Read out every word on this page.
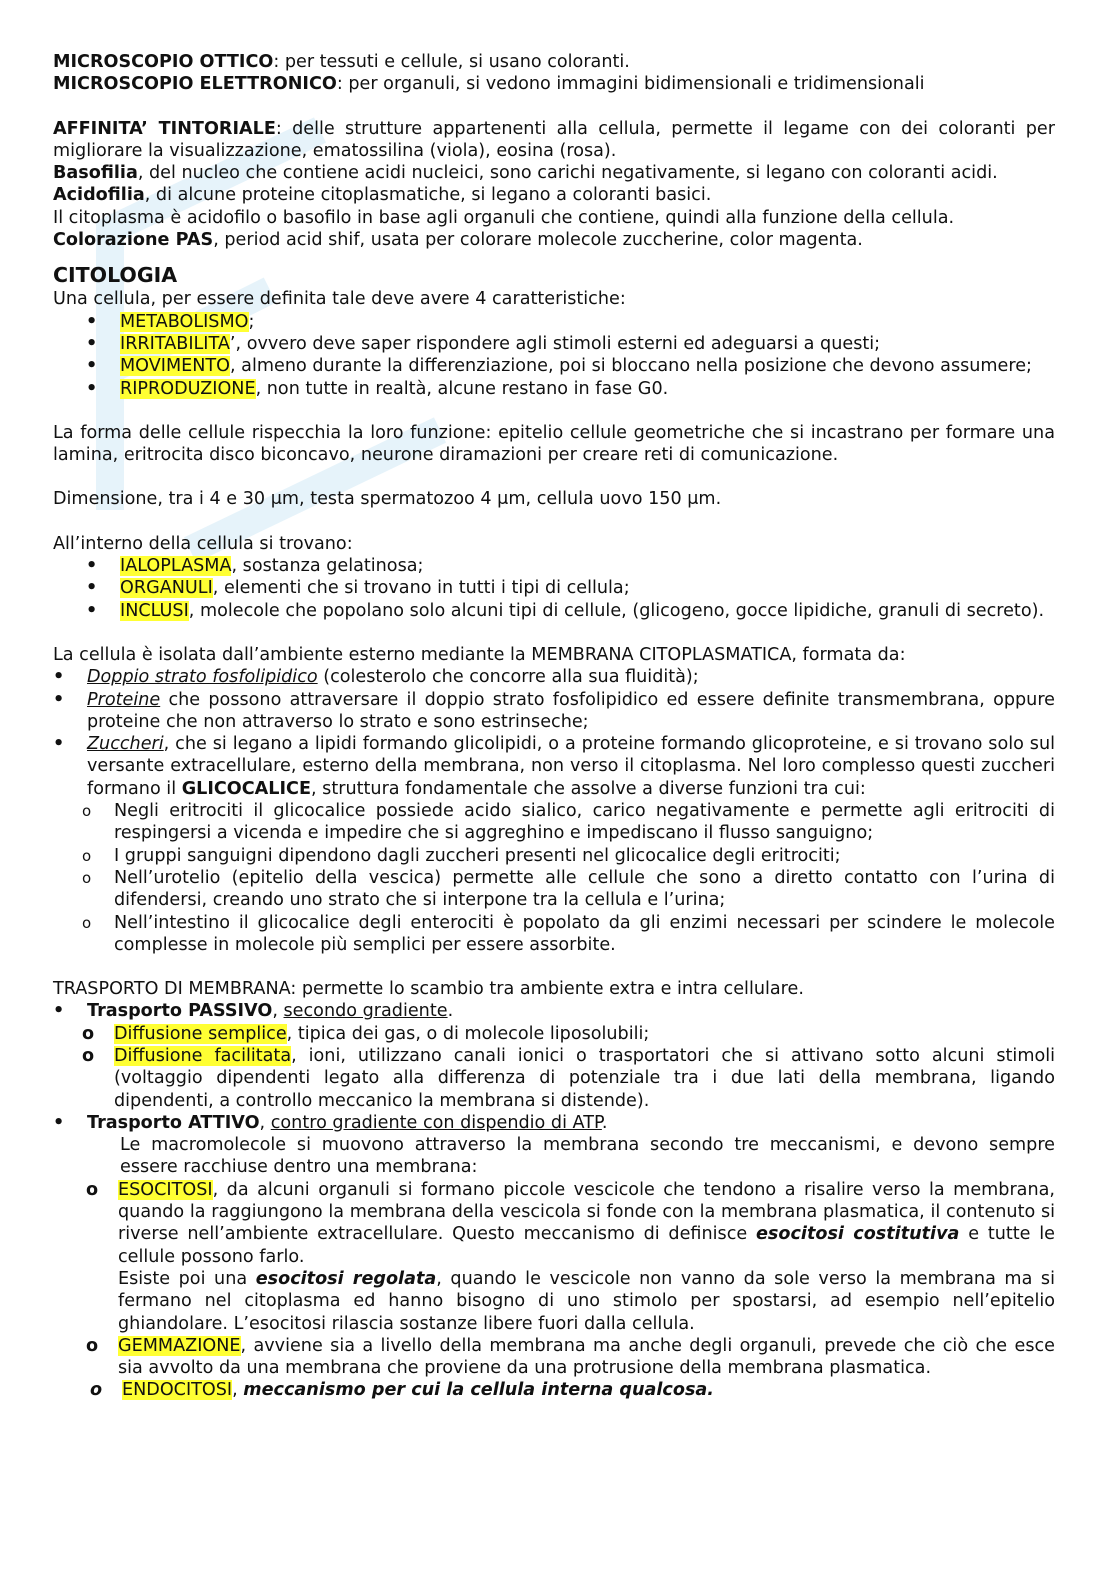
MICROSCOPIO OTTICO: per tessuti e cellule, si usano coloranti.
MICROSCOPIO ELETTRONICO: per organuli, si vedono immagini bidimensionali e tridimensionali

AFFINITA’ TINTORIALE: delle strutture appartenenti alla cellula, permette il legame con dei coloranti per migliorare la visualizzazione, ematossilina (viola), eosina (rosa).
Basofilia, del nucleo che contiene acidi nucleici, sono carichi negativamente, si legano con coloranti acidi.
Acidofilia, di alcune proteine citoplasmatiche, si legano a coloranti basici.
Il citoplasma è acidofilo o basofilo in base agli organuli che contiene, quindi alla funzione della cellula.
Colorazione PAS, period acid shif, usata per colorare molecole zuccherine, color magenta.

CITOLOGIA

Una cellula, per essere definita tale deve avere 4 caratteristiche:

• METABOLISMO;
• IRRITABILITA’, ovvero deve saper rispondere agli stimoli esterni ed adeguarsi a questi;
• MOVIMENTO, almeno durante la differenziazione, poi si bloccano nella posizione che devono assumere;
• RIPRODUZIONE, non tutte in realtà, alcune restano in fase G0.

La forma delle cellule rispecchia la loro funzione: epitelio cellule geometriche che si incastrano per formare una lamina, eritrocita disco biconcavo, neurone diramazioni per creare reti di comunicazione.

Dimensione, tra i 4 e 30 μm, testa spermatozoo 4 μm, cellula uovo 150 μm.

All’interno della cellula si trovano:

• IALOPLASMA, sostanza gelatinosa;
• ORGANULI, elementi che si trovano in tutti i tipi di cellula;
• INCLUSI, molecole che popolano solo alcuni tipi di cellule, (glicogeno, gocce lipidiche, granuli di secreto).

La cellula è isolata dall’ambiente esterno mediante la MEMBRANA CITOPLASMATICA, formata da:

• Doppio strato fosfolipidico (colesterolo che concorre alla sua fluidità);
• Proteine che possono attraversare il doppio strato fosfolipidico ed essere definite transmembrana, oppure proteine che non attraverso lo strato e sono estrinseche;
• Zuccheri, che si legano a lipidi formando glicolipidi, o a proteine formando glicoproteine, e si trovano solo sul versante extracellulare, esterno della membrana, non verso il citoplasma. Nel loro complesso questi zuccheri formano il GLICOCALICE, struttura fondamentale che assolve a diverse funzioni tra cui:
o Negli eritrociti il glicocalice possiede acido sialico, carico negativamente e permette agli eritrociti di respingersi a vicenda e impedire che si aggreghino e impediscano il flusso sanguigno;
o I gruppi sanguigni dipendono dagli zuccheri presenti nel glicocalice degli eritrociti;
o Nell’urotelio (epitelio della vescica) permette alle cellule che sono a diretto contatto con l’urina di difendersi, creando uno strato che si interpone tra la cellula e l’urina;
o Nell’intestino il glicocalice degli enterociti è popolato da gli enzimi necessari per scindere le molecole complesse in molecole più semplici per essere assorbite.

TRASPORTO DI MEMBRANA: permette lo scambio tra ambiente extra e intra cellulare.

• Trasporto PASSIVO, secondo gradiente.
o Diffusione semplice, tipica dei gas, o di molecole liposolubili;
o Diffusione facilitata, ioni, utilizzano canali ionici o trasportatori che si attivano sotto alcuni stimoli (voltaggio dipendenti legato alla differenza di potenziale tra i due lati della membrana, ligando dipendenti, a controllo meccanico la membrana si distende).
• Trasporto ATTIVO, contro gradiente con dispendio di ATP.

Le macromolecole si muovono attraverso la membrana secondo tre meccanismi, e devono sempre essere racchiuse dentro una membrana:

o ESOCITOSI, da alcuni organuli si formano piccole vescicole che tendono a risalire verso la membrana, quando la raggiungono la membrana della vescicola si fonde con la membrana plasmatica, il contenuto si riverse nell’ambiente extracellulare. Questo meccanismo di definisce esocitosi costitutiva e tutte le cellule possono farlo.
Esiste poi una esocitosi regolata, quando le vescicole non vanno da sole verso la membrana ma si fermano nel citoplasma ed hanno bisogno di uno stimolo per spostarsi, ad esempio nell’epitelio ghiandolare. L’esocitosi rilascia sostanze libere fuori dalla cellula.
o GEMMAZIONE, avviene sia a livello della membrana ma anche degli organuli, prevede che ciò che esce sia avvolto da una membrana che proviene da una protrusione della membrana plasmatica.
o ENDOCITOSI, meccanismo per cui la cellula interna qualcosa.
